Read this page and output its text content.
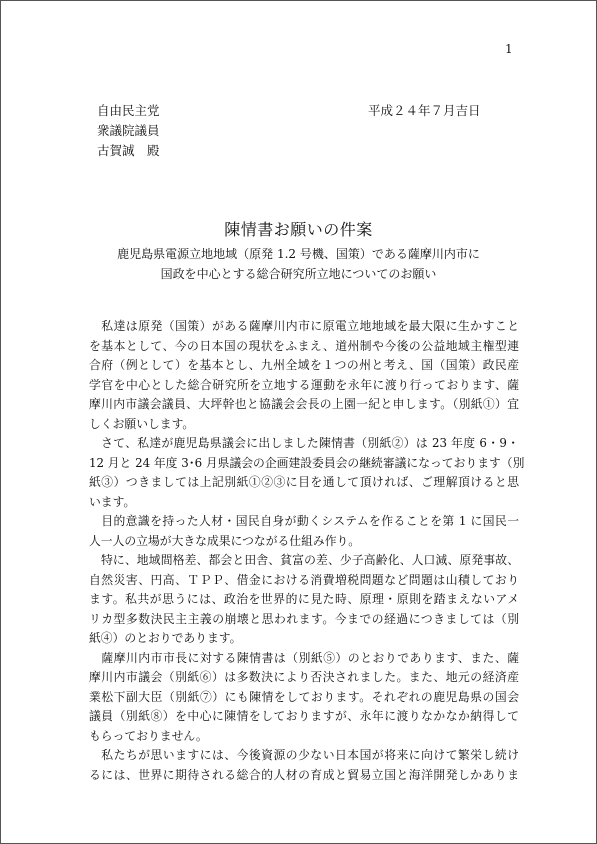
1
自由民主党
衆議院議員
古賀誠　殿
平成２４年７月吉日
陳情書お願いの件案
鹿児島県電源立地地域（原発 1.2 号機、国策）である薩摩川内市に
国政を中心とする総合研究所立地についてのお願い
　私達は原発（国策）がある薩摩川内市に原電立地地域を最大限に生かすこと
を基本として、今の日本国の現状をふまえ、道州制や今後の公益地域主権型連
合府（例として）を基本とし、九州全域を１つの州と考え、国（国策）政民産
学官を中心とした総合研究所を立地する運動を永年に渡り行っております、薩
摩川内市議会議員、大坪幹也と協議会会長の上園一紀と申します。（別紙①）宜
しくお願いします。
　さて、私達が鹿児島県議会に出しました陳情書（別紙②）は 23 年度 6・9・
12 月と 24 年度 3･6 月県議会の企画建設委員会の継続審議になっております（別
紙③）つきましては上記別紙①②③に目を通して頂ければ、ご理解頂けると思
います。
　目的意識を持った人材・国民自身が動くシステムを作ることを第 1 に国民一
人一人の立場が大きな成果につながる仕組み作り。
　特に、地域間格差、都会と田舎、貧富の差、少子高齢化、人口減、原発事故、
自然災害、円高、ＴＰＰ、借金における消費増税問題など問題は山積しており
ます。私共が思うには、政治を世界的に見た時、原理・原則を踏まえないアメ
リカ型多数決民主主義の崩壊と思われます。今までの経過につきましては（別
紙④）のとおりであります。
　薩摩川内市市長に対する陳情書は（別紙⑤）のとおりであります、また、薩
摩川内市議会（別紙⑥）は多数決により否決されました。また、地元の経済産
業松下副大臣（別紙⑦）にも陳情をしております。それぞれの鹿児島県の国会
議員（別紙⑧）を中心に陳情をしておりますが、永年に渡りなかなか納得して
もらっておりません。
　私たちが思いますには、今後資源の少ない日本国が将来に向けて繁栄し続け
るには、世界に期待される総合的人材の育成と貿易立国と海洋開発しかありま
